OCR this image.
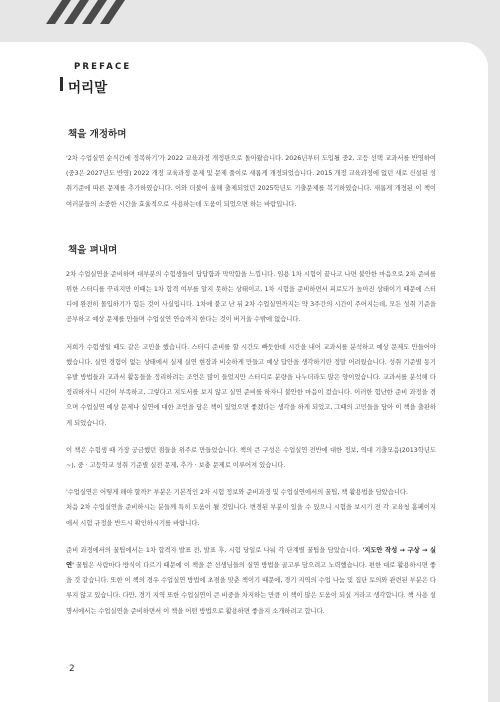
PREFACE
머리말
책을 개정하며

'2차 수업실연 순식간에 정복하기'가 2022 교육과정 개정판으로 돌아왔습니다. 2026년부터 도입될 중2, 고등 선택 교과서를 반영하여(중3은 2027년도 반영) 2022 개정 교육과정 문제 및 문제 풀이로 새롭게 개정되었습니다. 2015 개정 교육과정에 없던 새로 신설된 성취기준에 따른 문제를 추가하였습니다. 이와 더불어 올해 출제되었던 2025학년도 기출문제를 복기하였습니다. 새롭게 개정된 이 책이 여러분들의 소중한 시간을 효율적으로 사용하는데 도움이 되었으면 하는 바람입니다.

책을 펴내며

2차 수업실연을 준비하며 대부분의 수험생들이 답답함과 막막함을 느낍니다. 임용 1차 시험이 끝나고 나면 불안한 마음으로 2차 준비를 위한 스터디를 꾸리지만 이때는 1차 합격 여부를 알지 못하는 상태이고, 1차 시험을 준비하면서 피로도가 높아진 상태이기 때문에 스터디에 완전히 몰입하기가 힘든 것이 사실입니다. 1차에 붙고 난 뒤 2차 수업실연까지는 약 3주간의 시간이 주어지는데, 모든 성취 기준을 공부하고 예상 문제를 만들며 수업실연 연습까지 한다는 것이 버거울 수밖에 없습니다.

저희가 수험생일 때도 같은 고민을 했습니다. 스터디 준비를 할 시간도 빠듯한데 시간을 내어 교과서를 분석하고 예상 문제도 만들어야 했습니다. 실연 경험이 없는 상태에서 실제 실연 현장과 비슷하게 만들고 예상 답안을 생각하기란 정말 어려웠습니다. 성취 기준별 동기유발 방법들과 교과서 활동들을 정리하려는 조언은 많이 들었지만 스터디로 분량을 나누더라도 많은 양이었습니다. 교과서를 분석해 다 정리하자니 시간이 부족하고, 그렇다고 지도서를 보지 않고 실연 준비를 하자니 불안한 마음이 컸습니다. 이러한 험난한 준비 과정을 겪으며 수업실연 예상 문제나 실연에 대한 조언을 담은 책이 있었으면 좋겠다는 생각을 하게 되었고, 그때의 고민들을 담아 이 책을 출판하게 되었습니다.

이 책은 수험생 때 가장 궁금했던 점들을 위주로 만들었습니다. 책의 큰 구성은 수업실연 전반에 대한 정보, 역대 기출모음(2013학년도~), 중 · 고등학교 성취 기준별 실전 문제, 추가 · 보충 문제로 이루어져 있습니다.

'수업실연은 어떻게 해야 할까?' 부분은 기본적인 2차 시험 정보와 준비과정 및 수업실연에서의 꿀팁, 책 활용법을 담았습니다.
처음 2차 수업실연을 준비하시는 분들께 특히 도움이 될 것입니다. 변경된 부분이 있을 수 있으니 시험을 보시기 전 각 교육청 홈페이지에서 시험 규정을 반드시 확인하시기를 바랍니다.

준비 과정에서의 꿀팁에서는 1차 합격자 발표 전, 발표 후, 시험 당일로 나눠 각 단계별 꿀팁을 담았습니다. '지도안 작성 → 구상 → 실연' 꿀팁은 사람마다 방식이 다르기 때문에 이 책을 쓴 선생님들의 실연 방법을 골고루 담으려고 노력했습니다. 편한 대로 활용하시면 좋을 것 같습니다. 또한 이 책의 경우 수업실연 방법에 초점을 맞춘 책이기 때문에, 경기 지역의 수업 나눔 및 집단 토의와 관련된 부분은 다루지 않고 있습니다. 다만, 경기 지역 또한 수업실연이 큰 비중을 차지하는 만큼 이 책이 많은 도움이 되실 거라고 생각합니다. 책 사용 설명서에서는 수업실연을 준비하면서 이 책을 어떤 방법으로 활용하면 좋을지 소개하려고 합니다.

2
